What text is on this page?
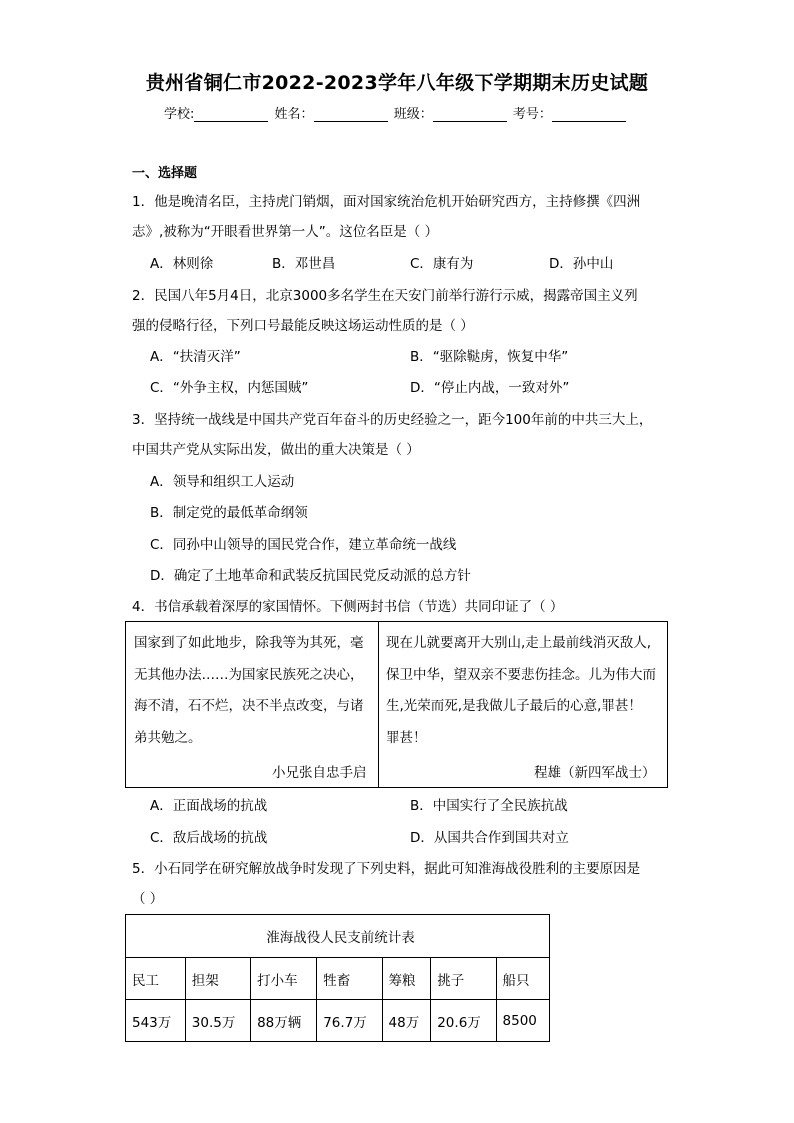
贵州省铜仁市2022-2023学年八年级下学期期末历史试题
学校:	姓名：	班级：	考号：
一、选择题
1．他是晚清名臣，主持虎门销烟，面对国家统治危机开始研究西方，主持修撰《四洲
志》,被称为“开眼看世界第一人”。这位名臣是（ ）
A．林则徐	B．邓世昌	C．康有为	D．孙中山
2．民国八年5月4日，北京3000多名学生在天安门前举行游行示威，揭露帝国主义列
强的侵略行径，下列口号最能反映这场运动性质的是（ ）
A．“扶清灭洋”	B．“驱除鞑虏，恢复中华”
C．“外争主权，内惩国贼”	D．“停止内战，一致对外”
3．坚持统一战线是中国共产党百年奋斗的历史经验之一，距今100年前的中共三大上，
中国共产党从实际出发，做出的重大决策是（ ）
A．领导和组织工人运动
B．制定党的最低革命纲领
C．同孙中山领导的国民党合作，建立革命统一战线
D．确定了土地革命和武装反抗国民党反动派的总方针
4．书信承载着深厚的家国情怀。下侧两封书信（节选）共同印证了（ ）
国家到了如此地步，除我等为其死，毫
无其他办法……为国家民族死之决心，
海不清，石不烂，决不半点改变，与诸
弟共勉之。
小兄张自忠手启
现在儿就要离开大别山,走上最前线消灭敌人,
保卫中华，望双亲不要悲伤挂念。儿为伟大而
生,光荣而死,是我做儿子最后的心意,罪甚！
罪甚！
程雄（新四军战士）
A．正面战场的抗战	B．中国实行了全民族抗战
C．敌后战场的抗战	D．从国共合作到国共对立
5．小石同学在研究解放战争时发现了下列史料，据此可知淮海战役胜利的主要原因是
（ ）
淮海战役人民支前统计表						
民工	担架	打小车	牲畜	筹粮	挑子	船只
543万	30.5万	88万辆	76.7万	48万	20.6万	8500
